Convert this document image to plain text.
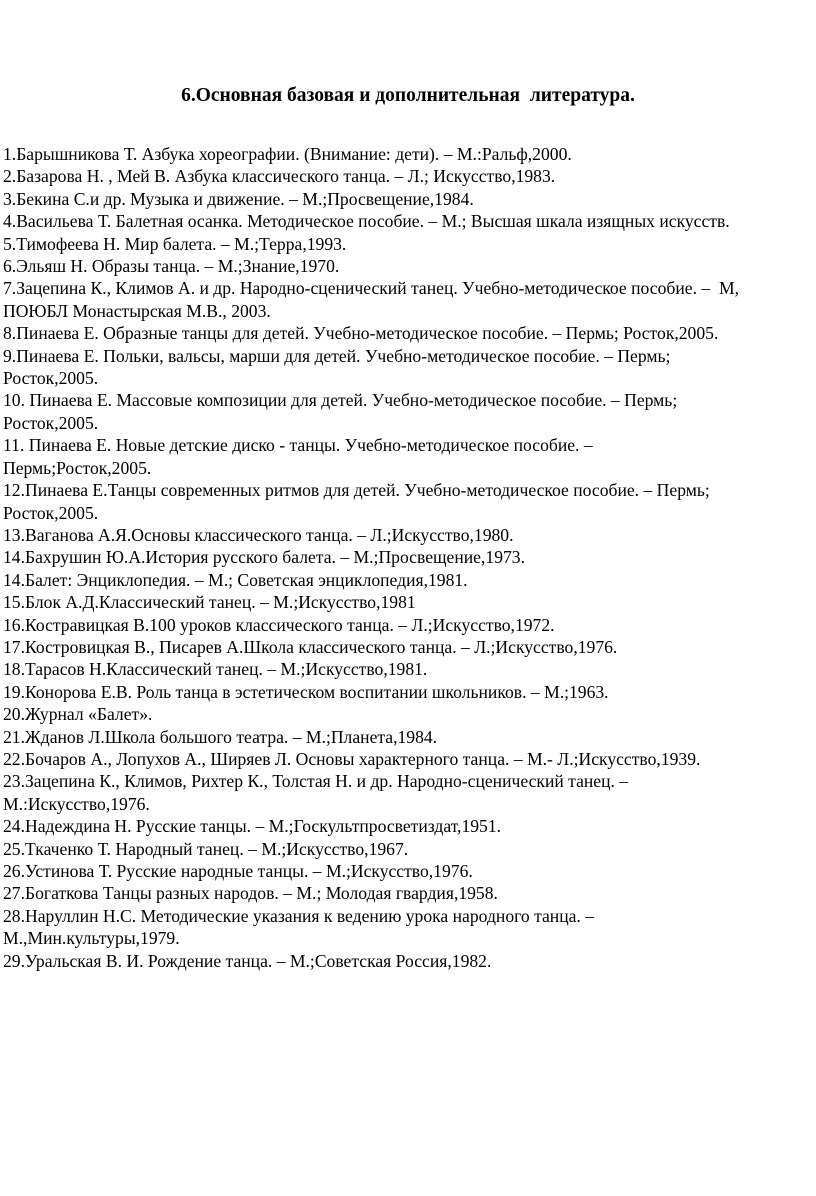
6.Основная базовая и дополнительная  литература.
1.Барышникова Т. Азбука хореографии. (Внимание: дети). – М.:Ральф,2000.
2.Базарова Н. , Мей В. Азбука классического танца. – Л.; Искусство,1983.
3.Бекина С.и др. Музыка и движение. – М.;Просвещение,1984.
4.Васильева Т. Балетная осанка. Методическое пособие. – М.; Высшая шкала изящных искусств.
5.Тимофеева Н. Мир балета. – М.;Терра,1993.
6.Эльяш Н. Образы танца. – М.;Знание,1970.
7.Зацепина К., Климов А. и др. Народно-сценический танец. Учебно-методическое пособие. –  М,
ПОЮБЛ Монастырская М.В., 2003.
8.Пинаева Е. Образные танцы для детей. Учебно-методическое пособие. – Пермь; Росток,2005.
9.Пинаева Е. Польки, вальсы, марши для детей. Учебно-методическое пособие. – Пермь;
Росток,2005.
10. Пинаева Е. Массовые композиции для детей. Учебно-методическое пособие. – Пермь;
Росток,2005.
11. Пинаева Е. Новые детские диско - танцы. Учебно-методическое пособие. –
Пермь;Росток,2005.
12.Пинаева Е.Танцы современных ритмов для детей. Учебно-методическое пособие. – Пермь;
Росток,2005.
13.Ваганова А.Я.Основы классического танца. – Л.;Искусство,1980.
14.Бахрушин Ю.А.История русского балета. – М.;Просвещение,1973.
14.Балет: Энциклопедия. – М.; Советская энциклопедия,1981.
15.Блок А.Д.Классический танец. – М.;Искусство,1981
16.Костравицкая В.100 уроков классического танца. – Л.;Искусство,1972.
17.Костровицкая В., Писарев А.Школа классического танца. – Л.;Искусство,1976.
18.Тарасов Н.Классический танец. – М.;Искусство,1981.
19.Конорова Е.В. Роль танца в эстетическом воспитании школьников. – М.;1963.
20.Журнал «Балет».
21.Жданов Л.Школа большого театра. – М.;Планета,1984.
22.Бочаров А., Лопухов А., Ширяев Л. Основы характерного танца. – М.- Л.;Искусство,1939.
23.Зацепина К., Климов, Рихтер К., Толстая Н. и др. Народно-сценический танец. –
М.:Искусство,1976.
24.Надеждина Н. Русские танцы. – М.;Госкультпросветиздат,1951.
25.Ткаченко Т. Народный танец. – М.;Искусство,1967.
26.Устинова Т. Русские народные танцы. – М.;Искусство,1976.
27.Богаткова Танцы разных народов. – М.; Молодая гвардия,1958.
28.Наруллин Н.С. Методические указания к ведению урока народного танца. –
М.,Мин.культуры,1979.
29.Уральская В. И. Рождение танца. – М.;Советская Россия,1982.
